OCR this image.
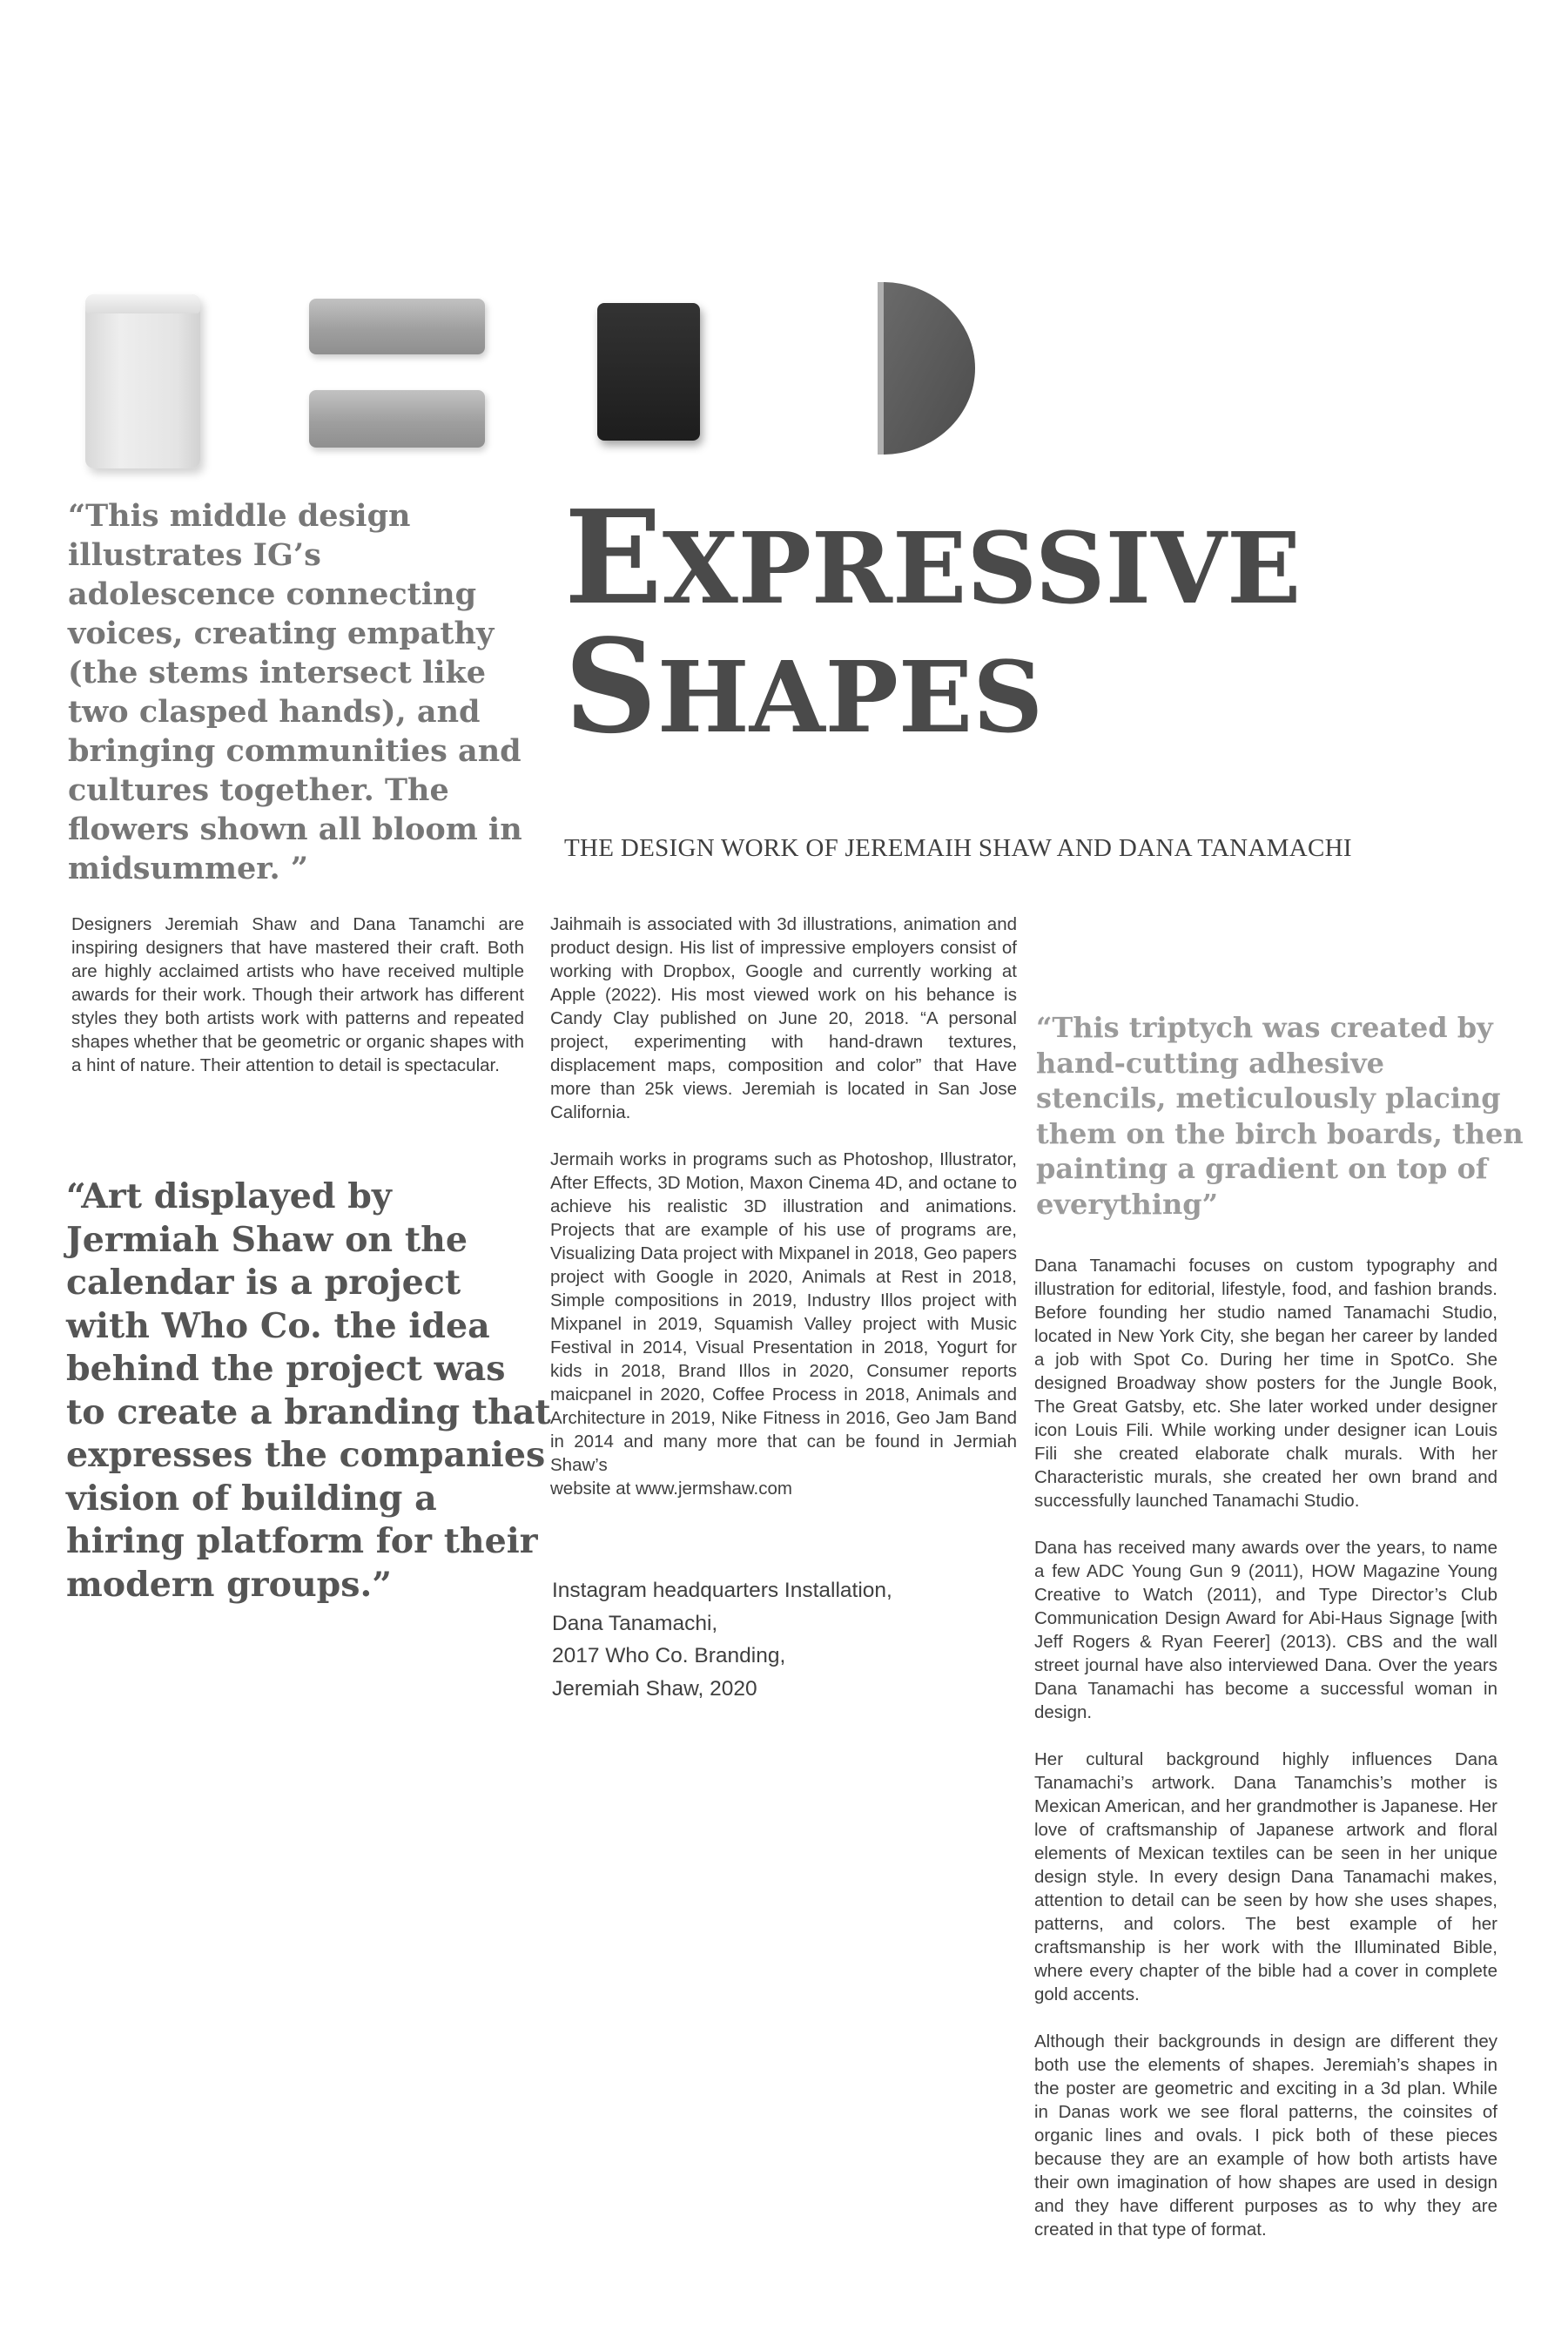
EXPRESSIVE
SHAPES
THE DESIGN WORK OF JEREMAIH SHAW AND DANA TANAMACHI
“This middle design illustrates IG’s adolescence connecting voices, creating empathy (the stems intersect like two clasped hands), and bringing communities and cultures together. The flowers shown all bloom in midsummer. ”
“Art displayed by Jermiah Shaw on the calendar is a project with Who Co. the idea behind the project was to create a branding that expresses the companies vision of building a hiring platform for their modern groups.”
“This triptych was created by hand-cutting adhesive stencils, meticulously placing them on the birch boards, then painting a gradient on top of everything”

Designers Jeremiah Shaw and Dana Tanamchi are inspiring designers that have mastered their craft. Both are highly acclaimed artists who have received multiple awards for their work. Though their artwork has different styles they both artists work with patterns and repeated shapes whether that be geometric or organic shapes with a hint of nature. Their attention to detail is spectacular.

Jaihmaih is associated with 3d illustrations, animation and product design. His list of impressive employers consist of working with Dropbox, Google and currently working at Apple (2022). His most viewed work on his behance is Candy Clay published on June 20, 2018. “A personal project, experimenting with hand-drawn textures, displacement maps, composition and color” that Have more than 25k views. Jeremiah is located in San Jose California.

Jermaih works in programs such as Photoshop, Illustrator, After Effects, 3D Motion, Maxon Cinema 4D, and octane to achieve his realistic 3D illustration and animations. Projects that are example of his use of programs are, Visualizing Data project with Mixpanel in 2018, Geo papers project with Google in 2020, Animals at Rest in 2018, Simple compositions in 2019, Industry Illos project with Mixpanel in 2019, Squamish Valley project with Music Festival in 2014, Visual Presentation in 2018, Yogurt for kids in 2018, Brand Illos in 2020, Consumer reports maicpanel in 2020, Coffee Process in 2018, Animals and Architecture in 2019, Nike Fitness in 2016, Geo Jam Band in 2014 and many more that can be found in Jermiah Shaw’s

website at www.jermshaw.com

Dana Tanamachi focuses on custom typography and illustration for editorial, lifestyle, food, and fashion brands. Before founding her studio named Tanamachi Studio, located in New York City, she began her career by landed a job with Spot Co. During her time in SpotCo. She designed Broadway show posters for the Jungle Book, The Great Gatsby, etc. She later worked under designer icon Louis Fili. While working under designer ican Louis Fili she created elaborate chalk murals. With her Characteristic murals, she created her own brand and successfully launched Tanamachi Studio.

Dana has received many awards over the years, to name a few ADC Young Gun 9 (2011), HOW Magazine Young Creative to Watch (2011), and Type Director’s Club Communication Design Award for Abi-Haus Signage [with Jeff Rogers & Ryan Feerer] (2013). CBS and the wall street journal have also interviewed Dana. Over the years Dana Tanamachi has become a successful woman in design.

Her cultural background highly influences Dana Tanamachi’s artwork. Dana Tanamchis’s mother is Mexican American, and her grandmother is Japanese. Her love of craftsmanship of Japanese artwork and floral elements of Mexican textiles can be seen in her unique design style. In every design Dana Tanamachi makes, attention to detail can be seen by how she uses shapes, patterns, and colors. The best example of her craftsmanship is her work with the Illuminated Bible, where every chapter of the bible had a cover in complete gold accents.

Although their backgrounds in design are different they both use the elements of shapes. Jeremiah’s shapes in the poster are geometric and exciting in a 3d plan. While in Danas work we see floral patterns, the coinsites of organic lines and ovals. I pick both of these pieces because they are an example of how both artists have their own imagination of how shapes are used in design and they have different purposes as to why they are created in that type of format.

Instagram headquarters Installation,
Dana Tanamachi,
2017 Who Co. Branding,
Jeremiah Shaw, 2020
